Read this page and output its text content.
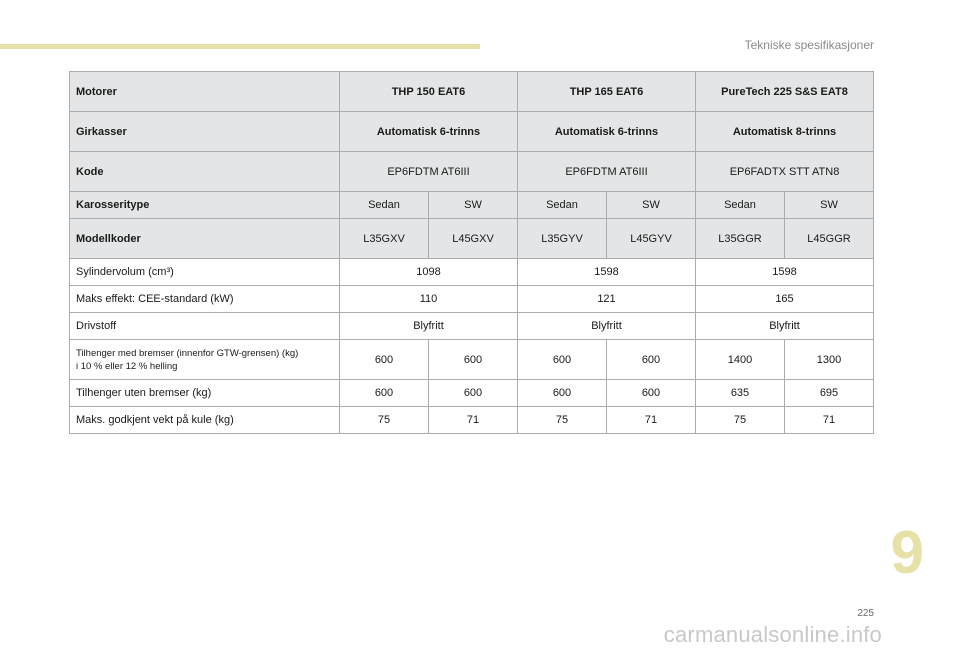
Tekniske spesifikasjoner
Motorer	THP 150 EAT6		THP 165 EAT6		PureTech 225 S&S EAT8	
Girkasser	Automatisk 6-trinns		Automatisk 6-trinns		Automatisk 8-trinns	
Kode	EP6FDTM AT6III		EP6FDTM AT6III		EP6FADTX STT ATN8	
Karosseritype	Sedan	SW	Sedan	SW	Sedan	SW
Modellkoder	L35GXV	L45GXV	L35GYV	L45GYV	L35GGR	L45GGR
Sylindervolum (cm³)	1098		1598		1598	
Maks effekt: CEE-standard (kW)	110		121		165	
Drivstoff	Blyfritt		Blyfritt		Blyfritt	

Tilhenger med bremser (innenfor GTW-grensen) (kg)
i 10 % eller 12 % helling	600	600	600	600	1400	1300
Tilhenger uten bremser (kg)	600	600	600	600	635	695
Maks. godkjent vekt på kule (kg)	75	71	75	71	75	71
9
225
carmanualsonline.info
